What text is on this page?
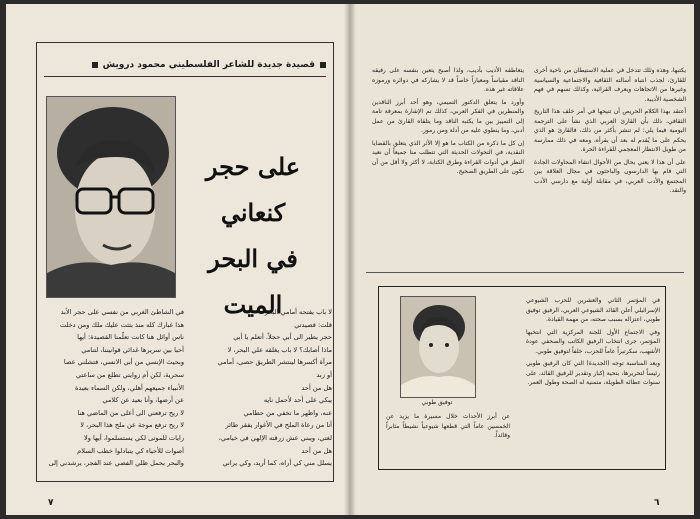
قصيدة جديدة للشاعر الفلسطيني محمود درويش
على حجر كنعاني
في البحر الميت

لا باب يفتحه أمامي البحر

قلت: قصيدتي

حجر يطير الى أبي حجلاً. أتعلم يا أبي

ماذا أصابك؟ لا باب يغلقه علي البحر، لا

مرآة أكسرها لينتشر الطريق حصى، أمامي

أو زبد

هل من أحد

يبكي على أحد لأحمل نايه

عنه، واظهر ما تخفي من حطامي

أنا من رعاة الملح في الأغوار يفقر طائر

لغتي، ويبني عش زرقته الإلهي في خيامي،

هل من أحد

يسلل مني كي أراه، كما أريد، وكي يراني

في الشاطئ الغربي من نفسي على حجر الأبد

هذا غبارك كله منذ بثثت عليك ملك ومن دخلت

ناس أوائل هنا كانت تعلّمنا القصيدة: أيها

أحبا بين سريرها غدائي قوانيننا، لتنامي

وبحيث الإنسي من أبي الانسي، فتشلني عصا

سحرية، لكن أم زوايتي تطلع من ساعتي

الأنبياء جميعهم أهلي، ولكن السماء بعيدة

عن أرضها، وأنا بعيد عن كلامي

لا ريح ترفعني الى أعلى من الماضي هنا

لا ريح ترفع موجة عن ملح هذا البحر، لا

رايات للموتى لكي يستسلموا، أيها ولا

أصوات للأحياء كي يتبادلوا خطب السلام

والبحر يحمل ظلي الفضي عند الفجر، يرشدني إلى

٧

يكتبها، وهذه وثلك تتدخل في عملية الاستيطان من ناحية أخرى للقارئ، لجذب انتباه أسالته الثقافية والاجتماعية والسياسية وغيرها من الاتجاهات ويعرف القرائية، وكذلك تسهم في فهم الشخصية الأديبة.

أعتقد بهذا الكلام الحريص أن تتيحها في أمر خلف هذا التاريخ الثقافي، ذلك بأن القارئ العربي الذي نشأ على الترجمة اليومية فيما يلي: لم تنشر بأكثر من ذلك، فالقارئ هو الذي يحكم على ما يُقدم له بعد أن يقرأه، ومعه في ذلك ممارسة من طويل الانتظار المعجمي للقراءة الحرة.

على أن هذا لا يعني بحال من الأحوال انتفاء المحاولات الجادة التي قام بها الدارسون والباحثون في مجال العلاقة بين المجتمع والأدب العربي، في مقابلة أولية مع دارسي الأدب والنقد.

يتعاطفه الأديب بأديب، ولذا أصبح يتعين بنفسه على رفيقه الناقد مقياساً ومعياراً خاصاً قد لا يشاركه في دوائره ورموزه علاقاته غير هذه.

وأورد ما يتعلق الدكتور التميمي، وهو أحد أبرز الناقدين والمنظرين في الفكر العربي، كذلك تم الإشارة بمعرفة تامة إلى التمييز بين ما يكتبه الناقد وما يتلقاه القارئ من عمل أدبي، وما ينطوي عليه من أدلة ومن رموز.

إن كل ما ذكره من الكتاب ما هو إلا الأثر الذي يتعلق بالقضايا النقدية، في التحولات الحديثة التي تتطلب منا جميعاً أن نعيد النظر في أدوات القراءة وطرق الكتابة، لا أكثر ولا أقل من أن نكون على الطريق الصحيح.

توفيق طوبي

في المؤتمر الثاني والعشرين للحزب الشيوعي الإسرائيلي أعلن القائد الشيوعي العربي، الرفيق توفيق طوبي، اعتزاله بسبب صحته، من مهمة القيادة.

وفي الاجتماع الأول للجنة المركزية التي انتخبها المؤتمر، جرى انتخاب الرفيق الكاتب والصحفي عودة الأشهب، سكرتيراً عاماً للحزب، خلفاً لتوفيق طوبي.

ويعد المناسبة توجه (الجديدة) التي كان الرفيق طوبي رئيساً لتحريرها، بتحية إكبار وتقدير للرفيق القائد، على سنوات عطائه الطويلة، متمنية له الصحة وطول العمر.

عن أبرز الأحداث خلال مسيرة ما يزيد عن الخمسين عاماً التي قطعها شيوعياً نشيطاً مثابراً وقائداً.

٦
